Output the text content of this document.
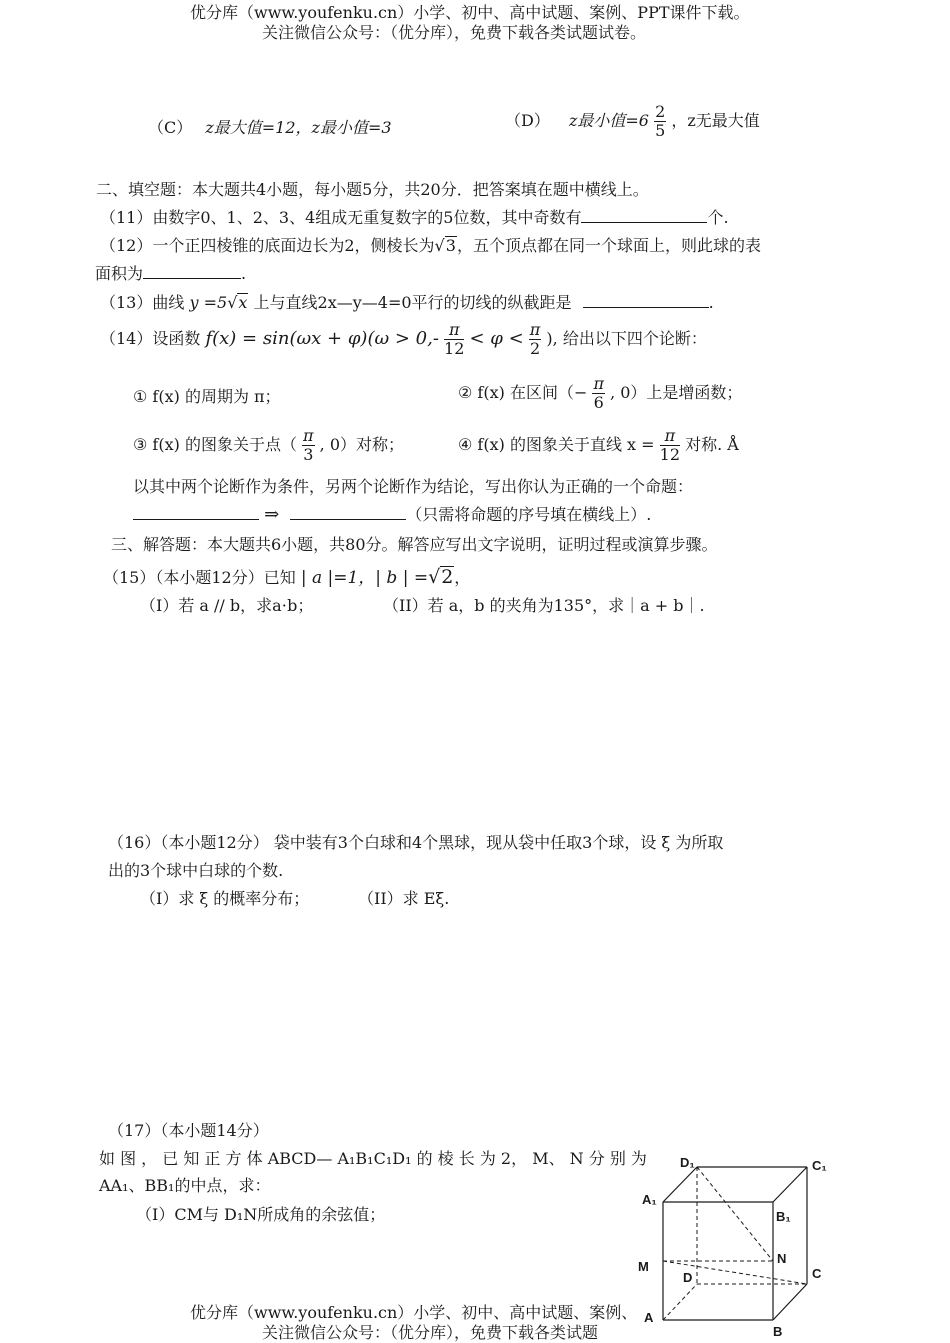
优分库（www.youfenku.cn）小学、初中、高中试题、案例、PPT课件下载。
关注微信公众号：（优分库），免费下载各类试题试卷。
（C） z最大值=12，z最小值=3	（D） z最小值$=6 \frac{2}{5}$ ，z无最大值
二、填空题：本大题共4小题，每小题5分，共20分．把答案填在题中横线上。
（11）由数字0、1、2、3、4组成无重复数字的5位数，其中奇数有	个.
（12）一个正四棱锥的底面边长为2，侧棱长为√3，五个顶点都在同一个球面上，则此球的表
面积为	.
（13）曲线 y =5√x 上与直线2x—y—4=0平行的切线的纵截距是	.
（14）设函数 $f(x) = \sin(\omega x + \varphi)(\omega > 0,- \frac{\pi}{12} < \varphi < \frac{\pi}{2}$ ), 给出以下四个论断：
① f(x) 的周期为 π；	② f(x) 在区间（− $\frac{\pi}{6}$ , 0）上是增函数；
③ f(x) 的图象关于点（ $\frac{\pi}{3}$ , 0）对称；	④ f(x) 的图象关于直线 $x = \frac{\pi}{12}$ 对称. Å
以其中两个论断作为条件，另两个论断作为结论，写出你认为正确的一个命题：
⇒	（只需将命题的序号填在横线上）.
三、解答题：本大题共6小题，共80分。解答应写出文字说明，证明过程或演算步骤。
（15）（本小题12分）已知 | a |=1，| b | =√2，
（I）若 a // b，求a⋅b；	（II）若 a，b 的夹角为135°，求｜a + b｜.
（16）（本小题12分） 袋中装有3个白球和4个黑球，现从袋中任取3个球，设 ξ 为所取
出的3个球中白球的个数.
（I）求 ξ 的概率分布；	（II）求 Eξ.
（17）（本小题14分）
如 图 ， 已 知 正 方 体 ABCD— A₁B₁C₁D₁ 的 棱 长 为 2， M、 N 分 别 为
AA₁、BB₁的中点，求：
（I）CM与 D₁N所成角的余弦值；
D₁	C₁
A₁
B₁
N
M
D	C
A
B
优分库（www.youfenku.cn）小学、初中、高中试题、案例、
关注微信公众号：（优分库），免费下载各类试题
